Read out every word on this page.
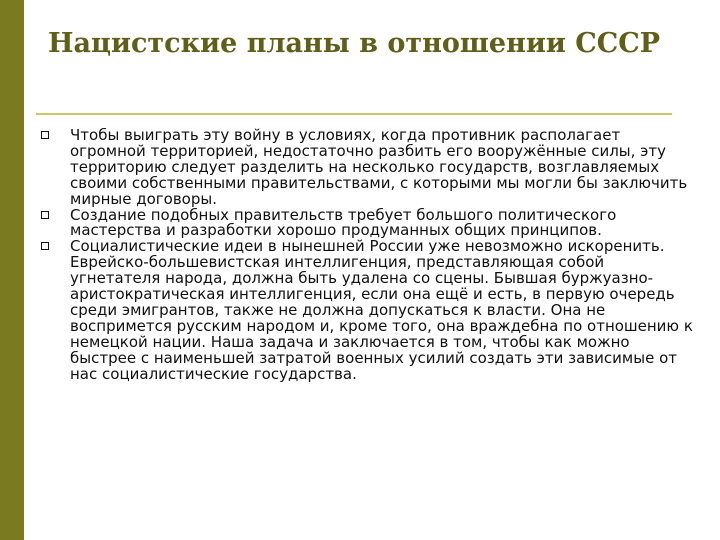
Нацистские планы в отношении СССР
Чтобы выиграть эту войну в условиях, когда противник располагает огромной территорией, недостаточно разбить его вооружённые силы, эту территорию следует разделить на несколько государств, возглавляемых своими собственными правительствами, с которыми мы могли бы заключить мирные договоры.
Создание подобных правительств требует большого политического мастерства и разработки хорошо продуманных общих принципов.
Социалистические идеи в нынешней России уже невозможно искоренить. Еврейско-большевистская интеллигенция, представляющая собой угнетателя народа, должна быть удалена со сцены. Бывшая буржуазно-аристократическая интеллигенция, если она ещё и есть, в первую очередь среди эмигрантов, также не должна допускаться к власти. Она не воспримется русским народом и, кроме того, она враждебна по отношению к немецкой нации. Наша задача и заключается в том, чтобы как можно быстрее с наименьшей затратой военных усилий создать эти зависимые от нас социалистические государства.
